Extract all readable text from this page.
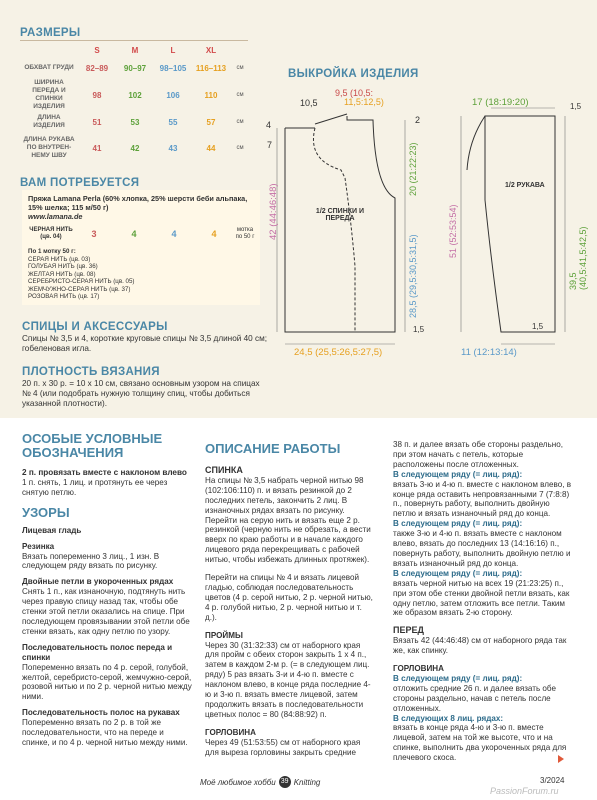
РАЗМЕРЫ
	S	M	L	XL	
ОБХВАТ ГРУДИ	82–89	90–97	98–105	116–113	см
ШИРИНА ПЕРЕДА И СПИНКИ ИЗДЕЛИЯ	98	102	106	110	см
ДЛИНА ИЗДЕЛИЯ	51	53	55	57	см
ДЛИНА РУКАВА ПО ВНУТРЕН-НЕМУ ШВУ	41	42	43	44	см
ВАМ ПОТРЕБУЕТСЯ
Пряжа Lamana Perla (60% хлопка, 25% шерсти беби альпака, 15% шелка; 115 м/50 г)
www.lamana.de
ЧЕРНАЯ НИТЬ (цв. 04)	3	4	4	4	мотка по 50 г
По 1 мотку 50 г:
СЕРАЯ НИТЬ (цв. 03)
ГОЛУБАЯ НИТЬ (цв. 36)
ЖЕЛТАЯ НИТЬ (цв. 08)
СЕРЕБРИСТО-СЕРАЯ НИТЬ (цв. 05)
ЖЕМЧУЖНО-СЕРАЯ НИТЬ (цв. 37)
РОЗОВАЯ НИТЬ (цв. 17)
СПИЦЫ И АКСЕССУАРЫ
Спицы № 3,5 и 4, короткие круговые спицы № 3,5 длиной 40 см; гобеленовая игла.
ПЛОТНОСТЬ ВЯЗАНИЯ
20 п. х 30 р. = 10 х 10 см, связано основным узором на спицах № 4 (или подобрать нужную толщину спиц, чтобы добиться указанной плотности).
ВЫКРОЙКА ИЗДЕЛИЯ
1/2 СПИНКИ И ПЕРЕДА
1/2 РУКАВА
10,5
9,5 (10,5:
11,5:12,5)
4
7
2
42 (44:46:48)
20 (21:22:23)
28,5 (29,5:30,5:31,5)
1,5
24,5 (25,5:26,5:27,5)
17 (18:19:20)	1,5
51 (52:53:54)
39,5 (40,5:41,5:42,5)
1,5
11 (12:13:14)
ОСОБЫЕ УСЛОВНЫЕ ОБОЗНАЧЕНИЯ

2 п. провязать вместе с наклоном влево

1 п. снять, 1 лиц. и протянуть ее через снятую петлю.

УЗОРЫ

Лицевая гладь

Резинка

Вязать попеременно 3 лиц., 1 изн. В следующем ряду вязать по рисунку.

Двойные петли в укороченных рядах

Снять 1 п., как изнаночную, подтянуть нить через правую спицу назад так, чтобы обе стенки этой петли оказались на спице. При последующем провязывании этой петли обе стенки вязать, как одну петлю по узору.

Последовательность полос переда и спинки

Попеременно вязать по 4 р. серой, голубой, желтой, серебристо-серой, жемчужно-серой, розовой нитью и по 2 р. черной нитью между ними.

Последовательность полос на рукавах

Попеременно вязать по 2 р. в той же последовательности, что на переде и спинке, и по 4 р. черной нитью между ними.

ОПИСАНИЕ РАБОТЫ

СПИНКА

На спицы № 3,5 набрать черной нитью 98 (102:106:110) п. и вязать резинкой до 2 последних петель, закончить 2 лиц. В изнаночных рядах вязать по рисунку. Перейти на серую нить и вязать еще 2 р. резинкой (черную нить не обрезать, а вести вверх по краю работы и в начале каждого лицевого ряда перекрещивать с рабочей нитью, чтобы избежать длинных протяжек).

Перейти на спицы № 4 и вязать лицевой гладью, соблюдая последовательность цветов (4 р. серой нитью, 2 р. черной нитью, 4 р. голубой нитью, 2 р. черной нитью и т. д.).

ПРОЙМЫ

Через 30 (31:32:33) см от наборного края для пройм с обеих сторон закрыть 1 х 4 п., затем в каждом 2-м р. (= в следующем лиц. ряду) 5 раз вязать 3-и и 4-ю п. вместе с наклоном влево, в конце ряда последние 4-ю и 3-ю п. вязать вместе лицевой, затем продолжить вязать в последовательности цветных полос = 80 (84:88:92) п.

ГОРЛОВИНА

Через 49 (51:53:55) см от наборного края для выреза горловины закрыть средние

38 п. и далее вязать обе стороны раздельно, при этом начать с петель, которые расположены после отложенных.

В следующем ряду (= лиц. ряд):

вязать 3-ю и 4-ю п. вместе с наклоном влево, в конце ряда оставить непровязанными 7 (7:8:8) п., повернуть работу, выполнить двойную петлю и вязать изнаночный ряд до конца.

В следующем ряду (= лиц. ряд):

также 3-ю и 4-ю п. вязать вместе с наклоном влево, вязать до последних 13 (14:16:16) п., повернуть работу, выполнить двойную петлю и вязать изнаночный ряд до конца.

В следующем ряду (= лиц. ряд):

вязать черной нитью на всех 19 (21:23:25) п., при этом обе стенки двойной петли вязать, как одну петлю, затем отложить все петли. Таким же образом вязать 2-ю сторону.

ПЕРЕД

Вязать 42 (44:46:48) см от наборного ряда так же, как спинку.

ГОРЛОВИНА

В следующем ряду (= лиц. ряд):

отложить средние 26 п. и далее вязать обе стороны раздельно, начав с петель после отложенных.

В следующих 8 лиц. рядах:

вязать в конце ряда 4-ю и 3-ю п. вместе лицевой, затем на той же высоте, что и на спинке, выполнить два укороченных ряда для плечевого скоса.

Моё любимое хобби 39 Knitting	3/2024
PassionForum.ru
